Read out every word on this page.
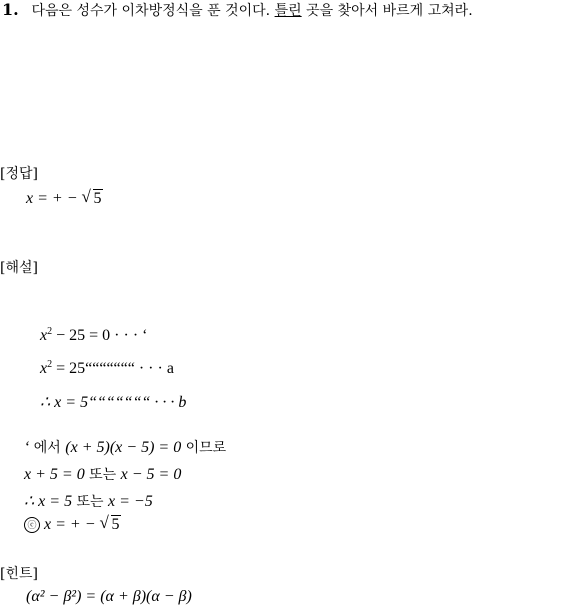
1. 다음은 성수가 이차방정식을 푼 것이다. 틀린 곳을 찾아서 바르게 고쳐라.
[정답]
x = + − √ 5
[해설]
$x^2 - 25 = 0$ · · · ‘
$x^2$ = 25“““““““ · · · a
∴ x = 5“““““““ · · · b
‘ 에서 (x + 5)(x − 5) = 0 이므로
x + 5 = 0 또는 x − 5 = 0
∴ x = 5 또는 x = −5
ⓒ x = + − √ 5
[힌트]
(α² − β²) = (α + β)(α − β)
